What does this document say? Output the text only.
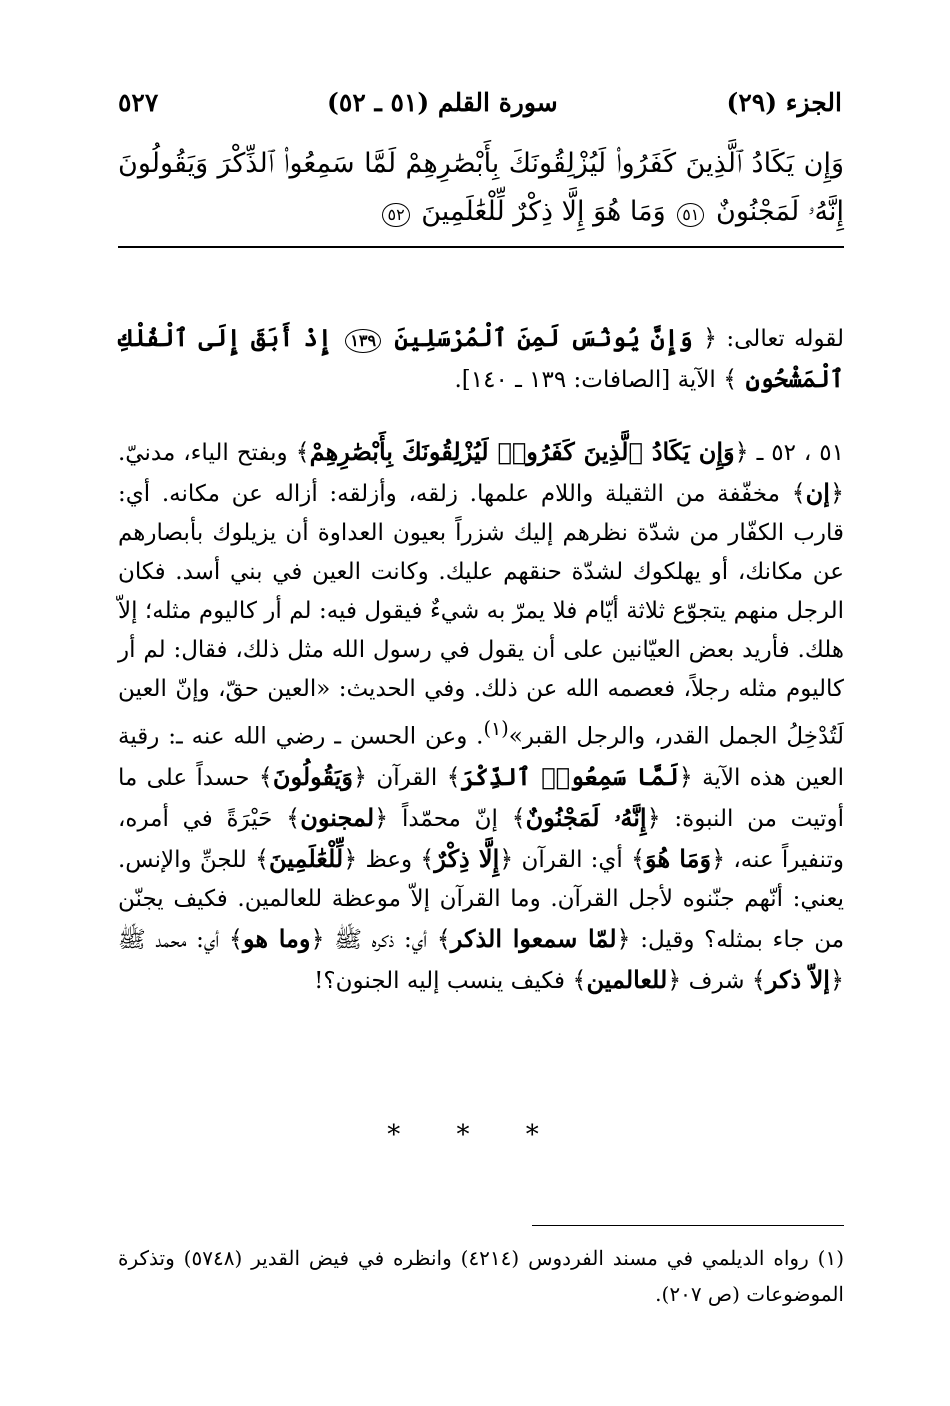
الجزء (٢٩)
سورة القلم (٥١ ـ ٥٢)
٥٢٧
وَإِن يَكَادُ ٱلَّذِينَ كَفَرُوا۟ لَيُزْلِقُونَكَ بِأَبْصَٰرِهِمْ لَمَّا سَمِعُوا۟ ٱلذِّكْرَ وَيَقُولُونَ إِنَّهُۥ لَمَجْنُونٌ ٥١ وَمَا هُوَ إِلَّا ذِكْرٌ لِّلْعَٰلَمِينَ ٥٢
لقوله تعالى: ﴿ وَإِنَّ يُونُسَ لَمِنَ ٱلْمُرْسَلِينَ ١٣٩ إِذْ أَبَقَ إِلَى ٱلْفُلْكِ ٱلْمَشْحُونِ ﴾ الآية [الصافات: ١٣٩ ـ ١٤٠].
٥١ ، ٥٢ ـ ﴿وَإِن يَكَادُ ٱلَّذِينَ كَفَرُوا۟ لَيُزْلِقُونَكَ بِأَبْصَٰرِهِمْ﴾ وبفتح الياء، مدنيّ. ﴿إن﴾ مخفّفة من الثقيلة واللام علمها. زلقه، وأزلقه: أزاله عن مكانه. أي: قارب الكفّار من شدّة نظرهم إليك شزراً بعيون العداوة أن يزيلوك بأبصارهم عن مكانك، أو يهلكوك لشدّة حنقهم عليك. وكانت العين في بني أسد. فكان الرجل منهم يتجوّع ثلاثة أيّام فلا يمرّ به شيءٌ فيقول فيه: لم أر كاليوم مثله؛ إلاّ هلك. فأريد بعض العيّانين على أن يقول في رسول الله مثل ذلك، فقال: لم أر كاليوم مثله رجلاً، فعصمه الله عن ذلك. وفي الحديث: «العين حقّ، وإنّ العين لَتُدْخِلُ الجمل القدر، والرجل القبر»$^{(١)}$. وعن الحسن ـ رضي الله عنه ـ: رقية العين هذه الآية ﴿لَمَّا سَمِعُوا۟ ٱلذِّكْرَ﴾ القرآن ﴿وَيَقُولُونَ﴾ حسداً على ما أوتيت من النبوة: ﴿إِنَّهُۥ لَمَجْنُونٌ﴾ إنّ محمّداً ﴿لمجنون﴾ حَيْرَةً في أمره، وتنفيراً عنه، ﴿وَمَا هُوَ﴾ أي: القرآن ﴿إِلَّا ذِكْرٌ﴾ وعظ ﴿لِّلْعَٰلَمِينَ﴾ للجنِّ والإنس. يعني: أنّهم جنّنوه لأجل القرآن. وما القرآن إلاّ موعظة للعالمين. فكيف يجنّن من جاء بمثله؟ وقيل: ﴿لمّا سمعوا الذكر﴾ أي: ذكره ﷺ ﴿وما هو﴾ أي: محمد ﷺ ﴿إلاّ ذكر﴾ شرف ﴿للعالمين﴾ فكيف ينسب إليه الجنون؟!
* * *
(١) رواه الديلمي في مسند الفردوس (٤٢١٤) وانظره في فيض القدير (٥٧٤٨) وتذكرة الموضوعات (ص ٢٠٧).
